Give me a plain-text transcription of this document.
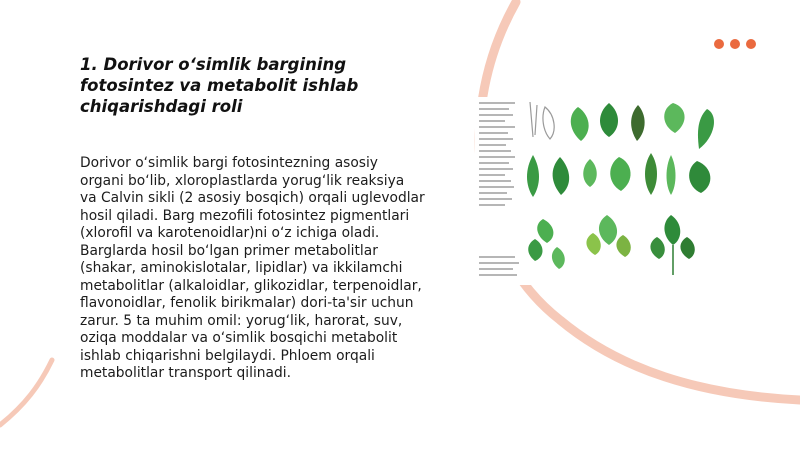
1. Dorivor o‘simlik bargining fotosintez va metabolit ishlab chiqarishdagi roli

Dorivor o‘simlik bargi fotosintezning asosiy organi bo‘lib, xloroplastlarda yorug‘lik reaksiya va Calvin sikli (2 asosiy bosqich) orqali uglevodlar hosil qiladi. Barg mezofili fotosintez pigmentlari (xlorofil va karotenoidlar)ni o‘z ichiga oladi. Barglarda hosil bo‘lgan primer metabolitlar (shakar, aminokislotalar, lipidlar) va ikkilamchi metabolitlar (alkaloidlar, glikozidlar, terpenoidlar, flavonoidlar, fenolik birikmalar) dori-ta'sir uchun zarur. 5 ta muhim omil: yorug‘lik, harorat, suv, oziqa moddalar va o‘simlik bosqichi metabolit ishlab chiqarishni belgilaydi. Phloem orqali metabolitlar transport qilinadi.
